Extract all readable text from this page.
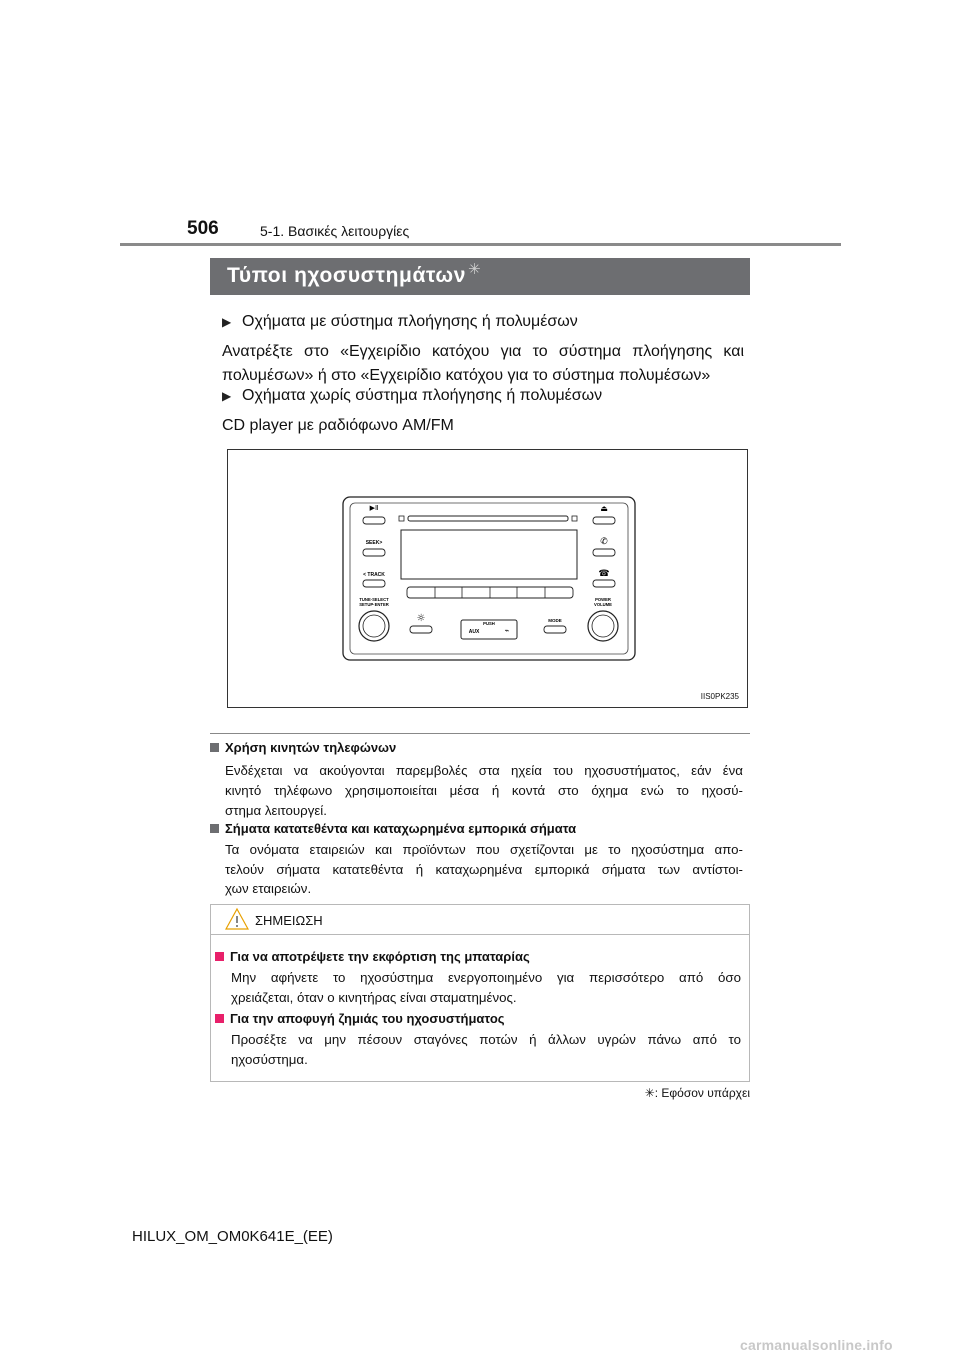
506	5-1. Βασικές λειτουργίες
Τύποι ηχοσυστημάτων ✳
▶ Οχήματα με σύστημα πλοήγησης ή πολυμέσων
Ανατρέξτε στο «Εγχειρίδιο κατόχου για το σύστημα πλοήγησης και
πολυμέσων» ή στο «Εγχειρίδιο κατόχου για το σύστημα πολυμέσων»
▶ Οχήματα χωρίς σύστημα πλοήγησης ή πολυμέσων
CD player με ραδιόφωνο AM/FM
▶Ⅱ	⏏
✆
☎
☼
⌁
SEEK>
< TRACK
TUNE·SELECT
SETUP·ENTER
POWER
VOLUME
PUSH
AUX
MODE
IIS0PK235
Χρήση κινητών τηλεφώνων
Ενδέχεται να ακούγονται παρεμβολές στα ηχεία του ηχοσυστήματος, εάν ένα
κινητό τηλέφωνο χρησιμοποιείται μέσα ή κοντά στο όχημα ενώ το ηχοσύ-
στημα λειτουργεί.
Σήματα κατατεθέντα και καταχωρημένα εμπορικά σήματα
Τα ονόματα εταιρειών και προϊόντων που σχετίζονται με το ηχοσύστημα απο-
τελούν σήματα κατατεθέντα ή καταχωρημένα εμπορικά σήματα των αντίστοι-
χων εταιρειών.
ΣΗΜΕΙΩΣΗ
Για να αποτρέψετε την εκφόρτιση της μπαταρίας
Μην αφήνετε το ηχοσύστημα ενεργοποιημένο για περισσότερο από όσο
χρειάζεται, όταν ο κινητήρας είναι σταματημένος.
Για την αποφυγή ζημιάς του ηχοσυστήματος
Προσέξτε να μην πέσουν σταγόνες ποτών ή άλλων υγρών πάνω από το
ηχοσύστημα.
✳: Εφόσον υπάρχει
HILUX_OM_OM0K641E_(EE)
carmanualsonline.info
